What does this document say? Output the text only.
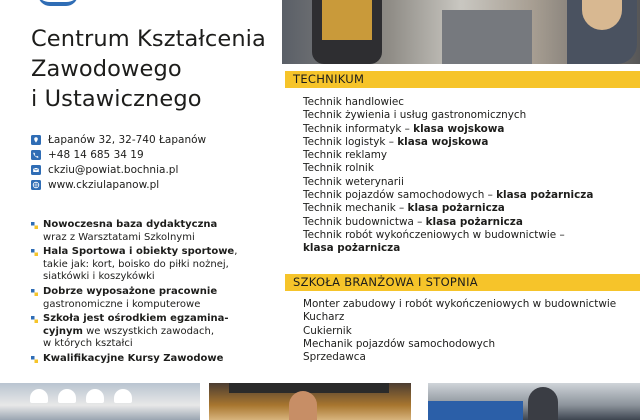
Centrum Kształcenia
Zawodowego
i Ustawicznego
Łapanów 32, 32-740 Łapanów
+48 14 685 34 19
ckziu@powiat.bochnia.pl
www.ckziulapanow.pl
Nowoczesna baza dydaktyczna
wraz z Warsztatami Szkolnymi
Hala Sportowa i obiekty sportowe,
takie jak: kort, boisko do piłki nożnej,
siatkówki i koszykówki
Dobrze wyposażone pracownie
gastronomiczne i komputerowe
Szkoła jest ośrodkiem egzamina-
cyjnym we wszystkich zawodach,
w których kształci
Kwalifikacyjne Kursy Zawodowe
TECHNIKUM
Technik handlowiec
Technik żywienia i usług gastronomicznych
Technik informatyk – klasa wojskowa
Technik logistyk – klasa wojskowa
Technik reklamy
Technik rolnik
Technik weterynarii
Technik pojazdów samochodowych – klasa pożarnicza
Technik mechanik – klasa pożarnicza
Technik budownictwa – klasa pożarnicza
Technik robót wykończeniowych w budownictwie –
klasa pożarnicza
SZKOŁA BRANŻOWA I STOPNIA
Monter zabudowy i robót wykończeniowych w budownictwie
Kucharz
Cukiernik
Mechanik pojazdów samochodowych
Sprzedawca
